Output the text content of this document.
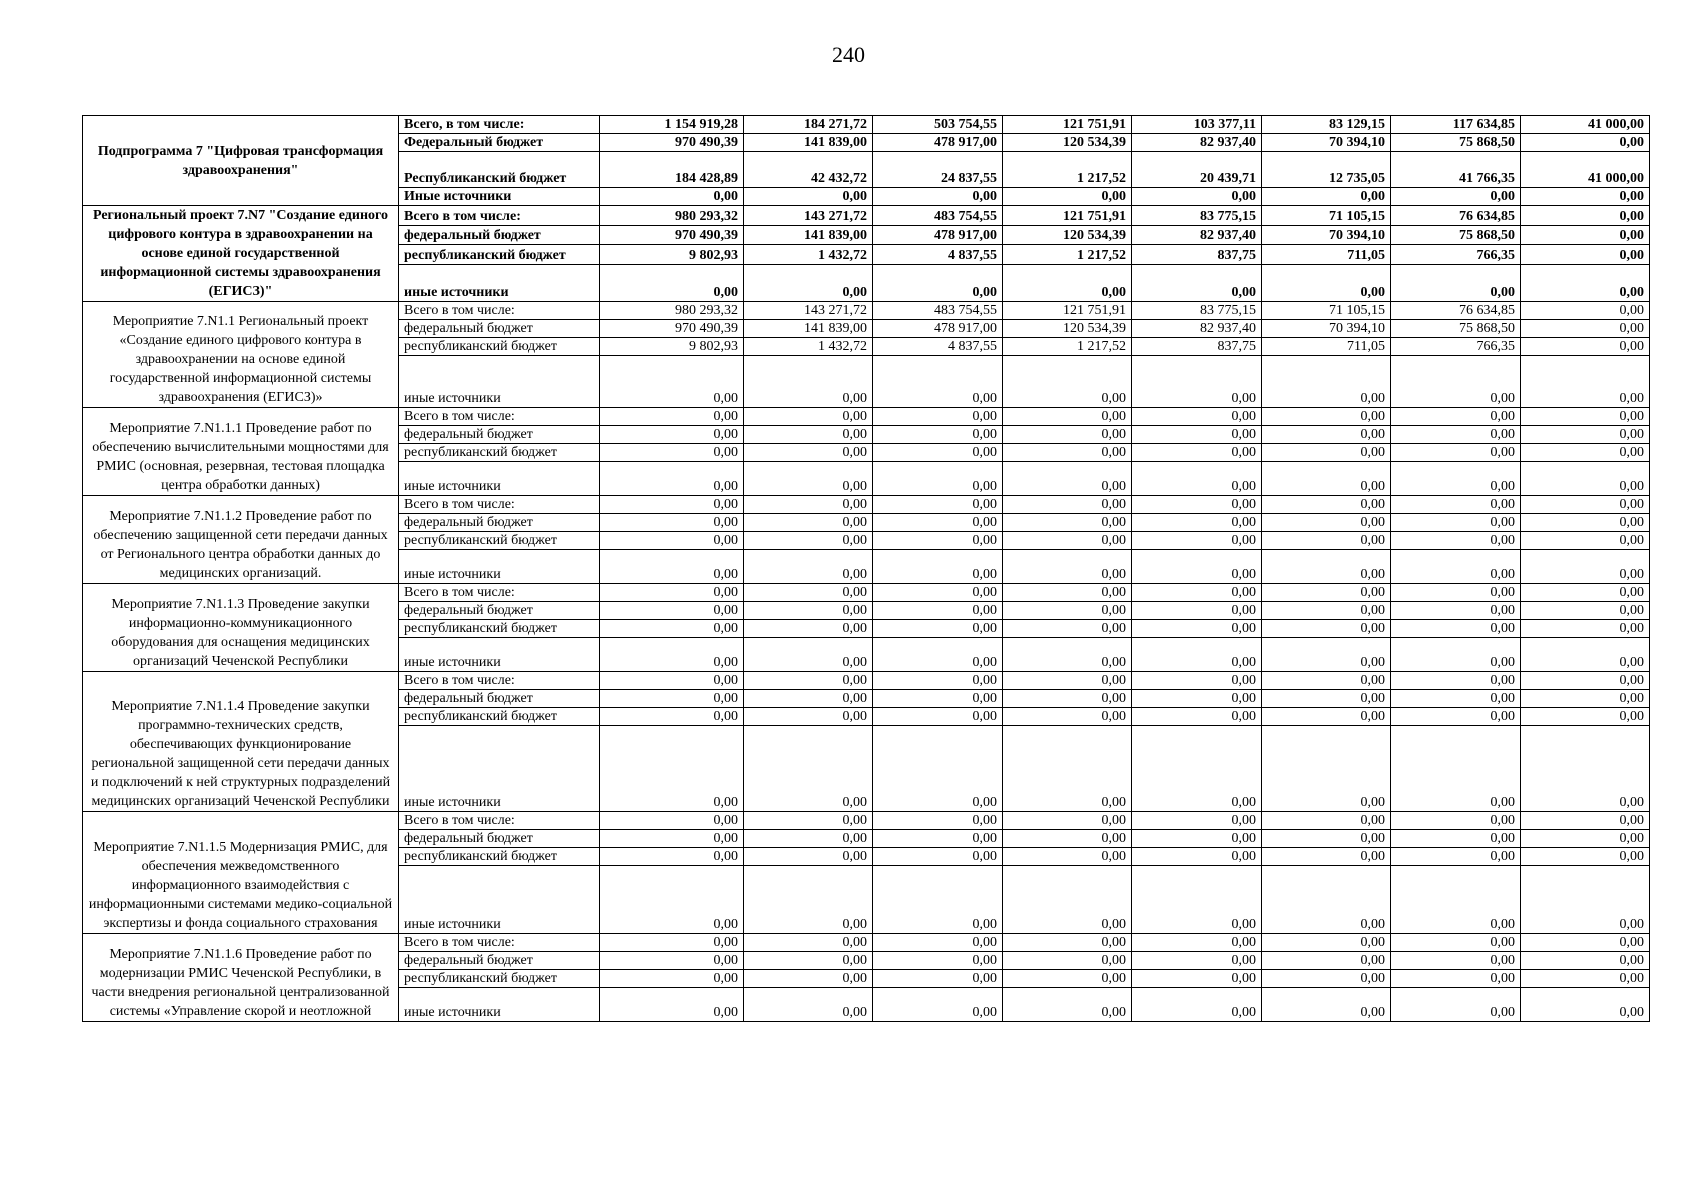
240
Подпрограмма 7 "Цифровая трансформация здравоохранения"	Всего, в том числе:	1 154 919,28	184 271,72	503 754,55	121 751,91	103 377,11	83 129,15	117 634,85	41 000,00
	Федеральный бюджет	970 490,39	141 839,00	478 917,00	120 534,39	82 937,40	70 394,10	75 868,50	0,00
	Республиканский бюджет	184 428,89	42 432,72	24 837,55	1 217,52	20 439,71	12 735,05	41 766,35	41 000,00
	Иные источники	0,00	0,00	0,00	0,00	0,00	0,00	0,00	0,00
Региональный проект 7.N7 "Создание единого цифрового контура в здравоохранении на основе единой государственной информационной системы здравоохранения (ЕГИСЗ)"	Всего в том числе:	980 293,32	143 271,72	483 754,55	121 751,91	83 775,15	71 105,15	76 634,85	0,00
	федеральный бюджет	970 490,39	141 839,00	478 917,00	120 534,39	82 937,40	70 394,10	75 868,50	0,00
	республиканский бюджет	9 802,93	1 432,72	4 837,55	1 217,52	837,75	711,05	766,35	0,00
	иные источники	0,00	0,00	0,00	0,00	0,00	0,00	0,00	0,00
Мероприятие 7.N1.1 Региональный проект «Создание единого цифрового контура в здравоохранении на основе единой государственной информационной системы здравоохранения (ЕГИСЗ)»	Всего в том числе:	980 293,32	143 271,72	483 754,55	121 751,91	83 775,15	71 105,15	76 634,85	0,00
	федеральный бюджет	970 490,39	141 839,00	478 917,00	120 534,39	82 937,40	70 394,10	75 868,50	0,00
	республиканский бюджет	9 802,93	1 432,72	4 837,55	1 217,52	837,75	711,05	766,35	0,00
	иные источники	0,00	0,00	0,00	0,00	0,00	0,00	0,00	0,00
Мероприятие 7.N1.1.1 Проведение работ по обеспечению вычислительными мощностями для РМИС (основная, резервная, тестовая площадка центра обработки данных)	Всего в том числе:	0,00	0,00	0,00	0,00	0,00	0,00	0,00	0,00
	федеральный бюджет	0,00	0,00	0,00	0,00	0,00	0,00	0,00	0,00
	республиканский бюджет	0,00	0,00	0,00	0,00	0,00	0,00	0,00	0,00
	иные источники	0,00	0,00	0,00	0,00	0,00	0,00	0,00	0,00
Мероприятие 7.N1.1.2 Проведение работ по обеспечению защищенной сети передачи данных от Регионального центра обработки данных до медицинских организаций.	Всего в том числе:	0,00	0,00	0,00	0,00	0,00	0,00	0,00	0,00
	федеральный бюджет	0,00	0,00	0,00	0,00	0,00	0,00	0,00	0,00
	республиканский бюджет	0,00	0,00	0,00	0,00	0,00	0,00	0,00	0,00
	иные источники	0,00	0,00	0,00	0,00	0,00	0,00	0,00	0,00
Мероприятие 7.N1.1.3 Проведение закупки информационно-коммуникационного оборудования для оснащения медицинских организаций Чеченской Республики	Всего в том числе:	0,00	0,00	0,00	0,00	0,00	0,00	0,00	0,00
	федеральный бюджет	0,00	0,00	0,00	0,00	0,00	0,00	0,00	0,00
	республиканский бюджет	0,00	0,00	0,00	0,00	0,00	0,00	0,00	0,00
	иные источники	0,00	0,00	0,00	0,00	0,00	0,00	0,00	0,00
Мероприятие 7.N1.1.4 Проведение закупки программно-технических средств, обеспечивающих функционирование региональной защищенной сети передачи данных и подключений к ней структурных подразделений медицинских организаций Чеченской Республики	Всего в том числе:	0,00	0,00	0,00	0,00	0,00	0,00	0,00	0,00
	федеральный бюджет	0,00	0,00	0,00	0,00	0,00	0,00	0,00	0,00
	республиканский бюджет	0,00	0,00	0,00	0,00	0,00	0,00	0,00	0,00
	иные источники	0,00	0,00	0,00	0,00	0,00	0,00	0,00	0,00
Мероприятие 7.N1.1.5 Модернизация РМИС, для обеспечения межведомственного информационного взаимодействия с информационными системами медико-социальной экспертизы и фонда социального страхования	Всего в том числе:	0,00	0,00	0,00	0,00	0,00	0,00	0,00	0,00
	федеральный бюджет	0,00	0,00	0,00	0,00	0,00	0,00	0,00	0,00
	республиканский бюджет	0,00	0,00	0,00	0,00	0,00	0,00	0,00	0,00
	иные источники	0,00	0,00	0,00	0,00	0,00	0,00	0,00	0,00
Мероприятие 7.N1.1.6 Проведение работ по модернизации РМИС Чеченской Республики, в части внедрения региональной централизованной системы «Управление скорой и неотложной	Всего в том числе:	0,00	0,00	0,00	0,00	0,00	0,00	0,00	0,00
	федеральный бюджет	0,00	0,00	0,00	0,00	0,00	0,00	0,00	0,00
	республиканский бюджет	0,00	0,00	0,00	0,00	0,00	0,00	0,00	0,00
	иные источники	0,00	0,00	0,00	0,00	0,00	0,00	0,00	0,00
